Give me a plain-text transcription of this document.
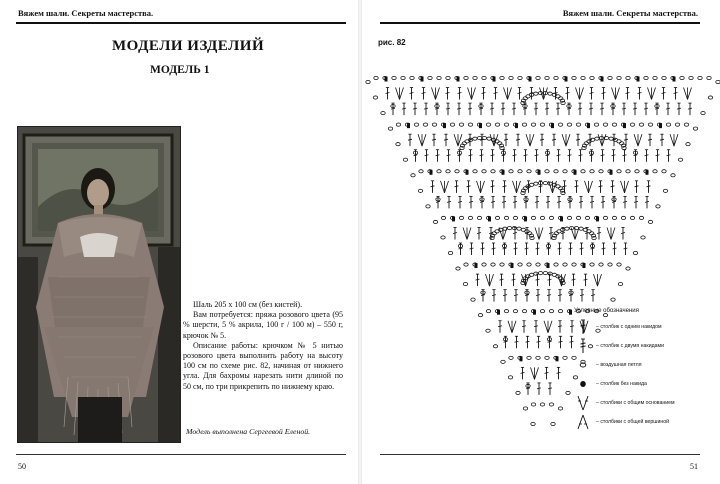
Вяжем шали. Секреты мастерства.
МОДЕЛИ ИЗДЕЛИЙ
МОДЕЛЬ 1

Шаль 205 х 100 см (без кистей).

Вам потребуется: пряжа розового цвета (95 % шерсти, 5 % акрила, 100 г / 100 м) – 550 г, крючок № 5.

Описание работы: крючком № 5 нитью розового цвета выполнить работу на высоту 100 см по схеме рис. 82, начиная от нижнего угла. Для бахромы нарезать нити длиной по 50 см, по три прикрепить по нижнему краю.

Модель выполнена Сергеевой Еленой.
50
Вяжем шали. Секреты мастерства.
рис. 82
Условные обозначения
– столбик с одним накидом
– столбик с двумя накидами
– воздушная петля
– столбик без накида
– столбики с общим основанием
– столбики с общей вершиной
51
